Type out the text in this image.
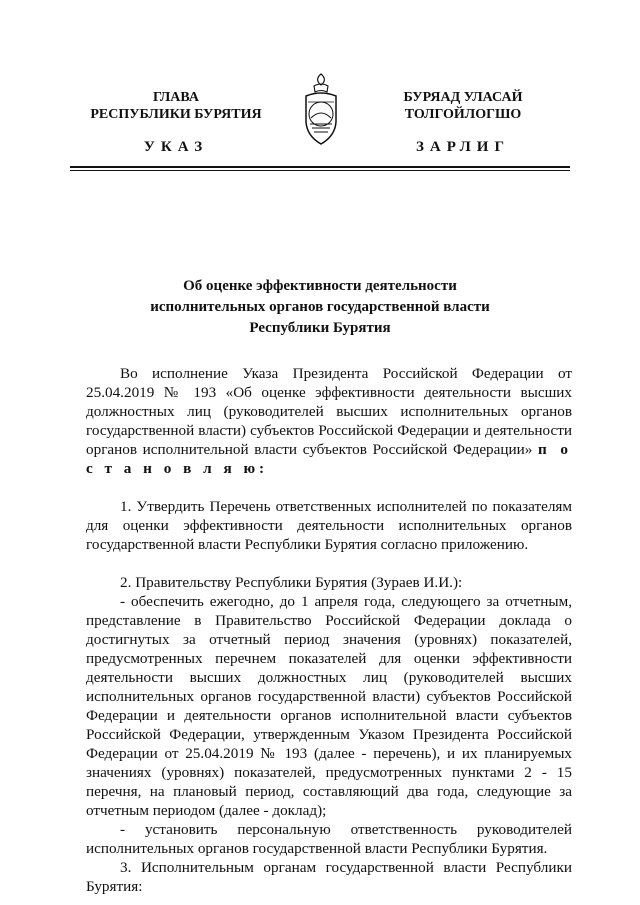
ГЛАВА
РЕСПУБЛИКИ БУРЯТИЯ
БУРЯАД УЛАСАЙ
ТОЛГОЙЛОГШО
УКАЗ	ЗАРЛИГ
Об оценке эффективности деятельности
исполнительных органов государственной власти
Республики Бурятия

Во исполнение Указа Президента Российской Федерации от 25.04.2019 № 193 «Об оценке эффективности деятельности высших должностных лиц (руководителей высших исполнительных органов государственной власти) субъектов Российской Федерации и деятельности органов исполнительной власти субъектов Российской Федерации» п о с т а н о в л я ю:

1. Утвердить Перечень ответственных исполнителей по показателям для оценки эффективности деятельности исполнительных органов государственной власти Республики Бурятия согласно приложению.

2. Правительству Республики Бурятия (Зураев И.И.):

- обеспечить ежегодно, до 1 апреля года, следующего за отчетным, представление в Правительство Российской Федерации доклада о достигнутых за отчетный период значения (уровнях) показателей, предусмотренных перечнем показателей для оценки эффективности деятельности высших должностных лиц (руководителей высших исполнительных органов государственной власти) субъектов Российской Федерации и деятельности органов исполнительной власти субъектов Российской Федерации, утвержденным Указом Президента Российской Федерации от 25.04.2019 № 193 (далее - перечень), и их планируемых значениях (уровнях) показателей, предусмотренных пунктами 2 - 15 перечня, на плановый период, составляющий два года, следующие за отчетным периодом (далее - доклад);

- установить персональную ответственность руководителей исполнительных органов государственной власти Республики Бурятия.

3. Исполнительным органам государственной власти Республики Бурятия:
